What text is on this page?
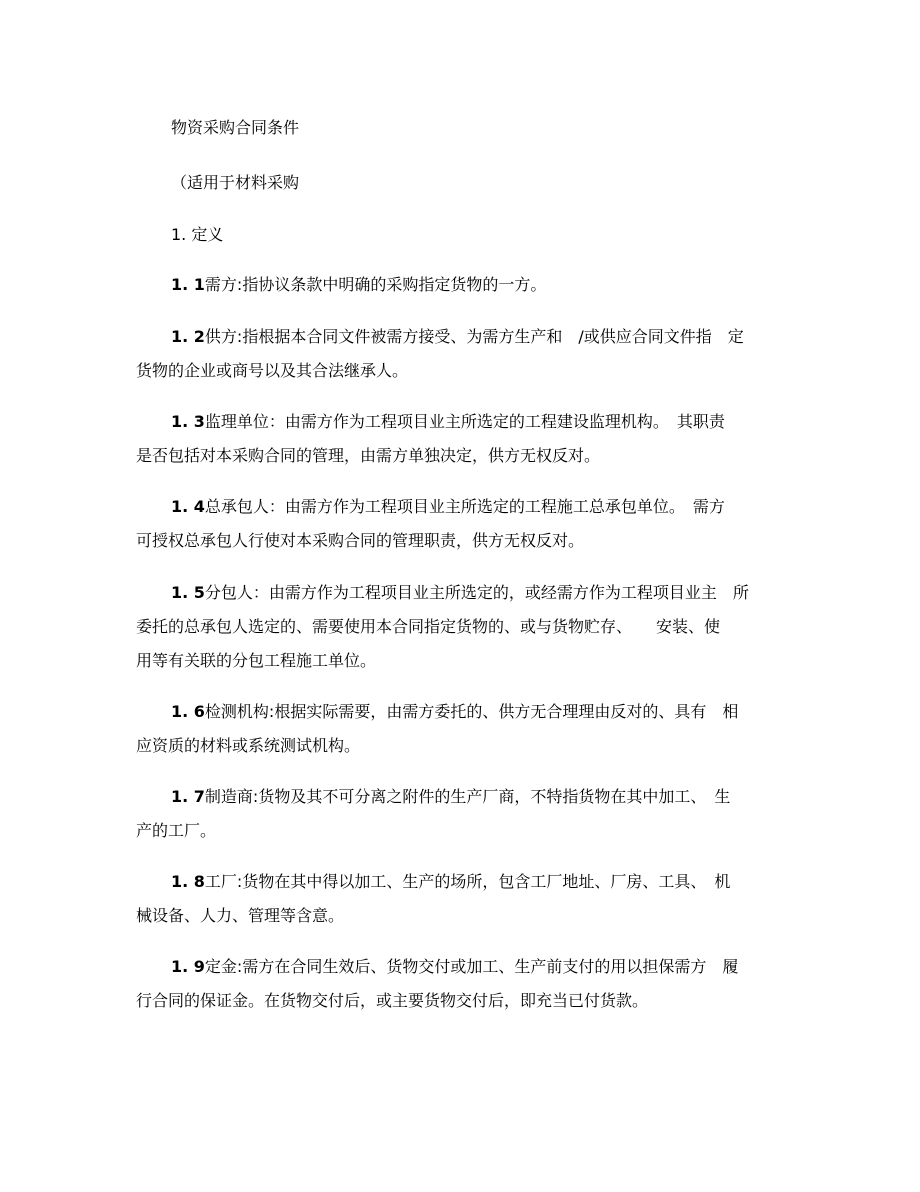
物资采购合同条件
（适用于材料采购
1. 定义

1. 1需方:指协议条款中明确的采购指定货物的一方。

1. 2供方:指根据本合同文件被需方接受、为需方生产和　/或供应合同文件指　定

货物的企业或商号以及其合法继承人。

1. 3监理单位：由需方作为工程项目业主所选定的工程建设监理机构。　其职责

是否包括对本采购合同的管理，由需方单独决定，供方无权反对。

1. 4总承包人：由需方作为工程项目业主所选定的工程施工总承包单位。　需方

可授权总承包人行使对本采购合同的管理职责，供方无权反对。

1. 5分包人：由需方作为工程项目业主所选定的，或经需方作为工程项目业主　所

委托的总承包人选定的、需要使用本合同指定货物的、或与货物贮存、　　安装、使

用等有关联的分包工程施工单位。

1. 6检测机构:根据实际需要，由需方委托的、供方无合理理由反对的、具有　相

应资质的材料或系统测试机构。

1. 7制造商:货物及其不可分离之附件的生产厂商，不特指货物在其中加工、　生

产的工厂。

1. 8工厂:货物在其中得以加工、生产的场所，包含工厂地址、厂房、工具、　机

械设备、人力、管理等含意。

1. 9定金:需方在合同生效后、货物交付或加工、生产前支付的用以担保需方　履

行合同的保证金。在货物交付后，或主要货物交付后，即充当已付货款。
